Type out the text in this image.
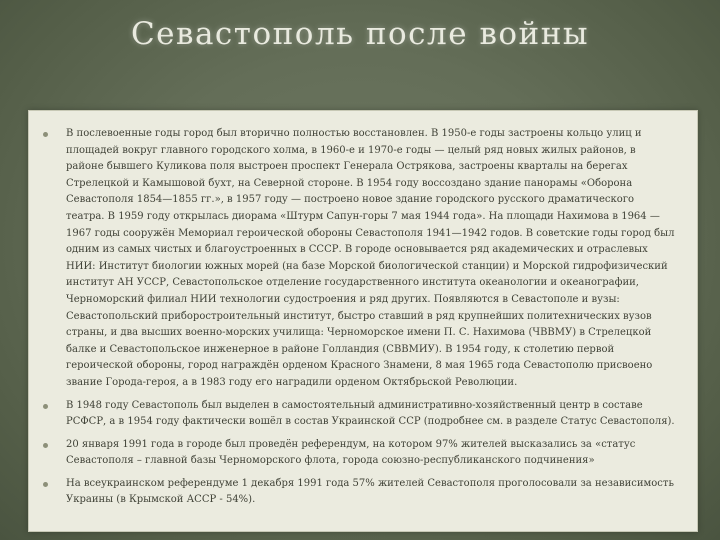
Севастополь после войны
В послевоенные годы город был вторично полностью восстановлен. В 1950-е годы застроены кольцо улиц и площадей вокруг главного городского холма, в 1960-е и 1970-е годы — целый ряд новых жилых районов, в районе бывшего Куликова поля выстроен проспект Генерала Острякова, застроены кварталы на берегах Стрелецкой и Камышовой бухт, на Северной стороне. В 1954 году воссоздано здание панорамы «Оборона Севастополя 1854—1855 гг.», в 1957 году — построено новое здание городского русского драматического театра. В 1959 году открылась диорама «Штурм Сапун-горы 7 мая 1944 года». На площади Нахимова в 1964 —1967 годы сооружён Мемориал героической обороны Севастополя 1941—1942 годов. В советские годы город был одним из самых чистых и благоустроенных в СССР. В городе основывается ряд академических и отраслевых НИИ: Институт биологии южных морей (на базе Морской биологической станции) и Морской гидрофизический институт АН УССР, Севастопольское отделение государственного института океанологии и океанографии, Черноморский филиал НИИ технологии судостроения и ряд других. Появляются в Севастополе и вузы: Севастопольский приборостроительный институт, быстро ставший в ряд крупнейших политехнических вузов страны, и два высших военно-морских училища: Черноморское имени П. С. Нахимова (ЧВВМУ) в Стрелецкой балке и Севастопольское инженерное в районе Голландия (СВВМИУ). В 1954 году, к столетию первой героической обороны, город награждён орденом Красного Знамени, 8 мая 1965 года Севастополю присвоено звание Города-героя, а в 1983 году его наградили орденом Октябрьской Революции.
В 1948 году Севастополь был выделен в самостоятельный административно-хозяйственный центр в составе РСФСР, а в 1954 году фактически вошёл в состав Украинской ССР (подробнее см. в разделе Статус Севастополя).
20 января 1991 года в городе был проведён референдум, на котором 97% жителей высказались за «статус Севастополя – главной базы Черноморского флота, города союзно-республиканского подчинения»
На всеукраинском референдуме 1 декабря 1991 года 57% жителей Севастополя проголосовали за независимость Украины (в Крымской АССР - 54%).
